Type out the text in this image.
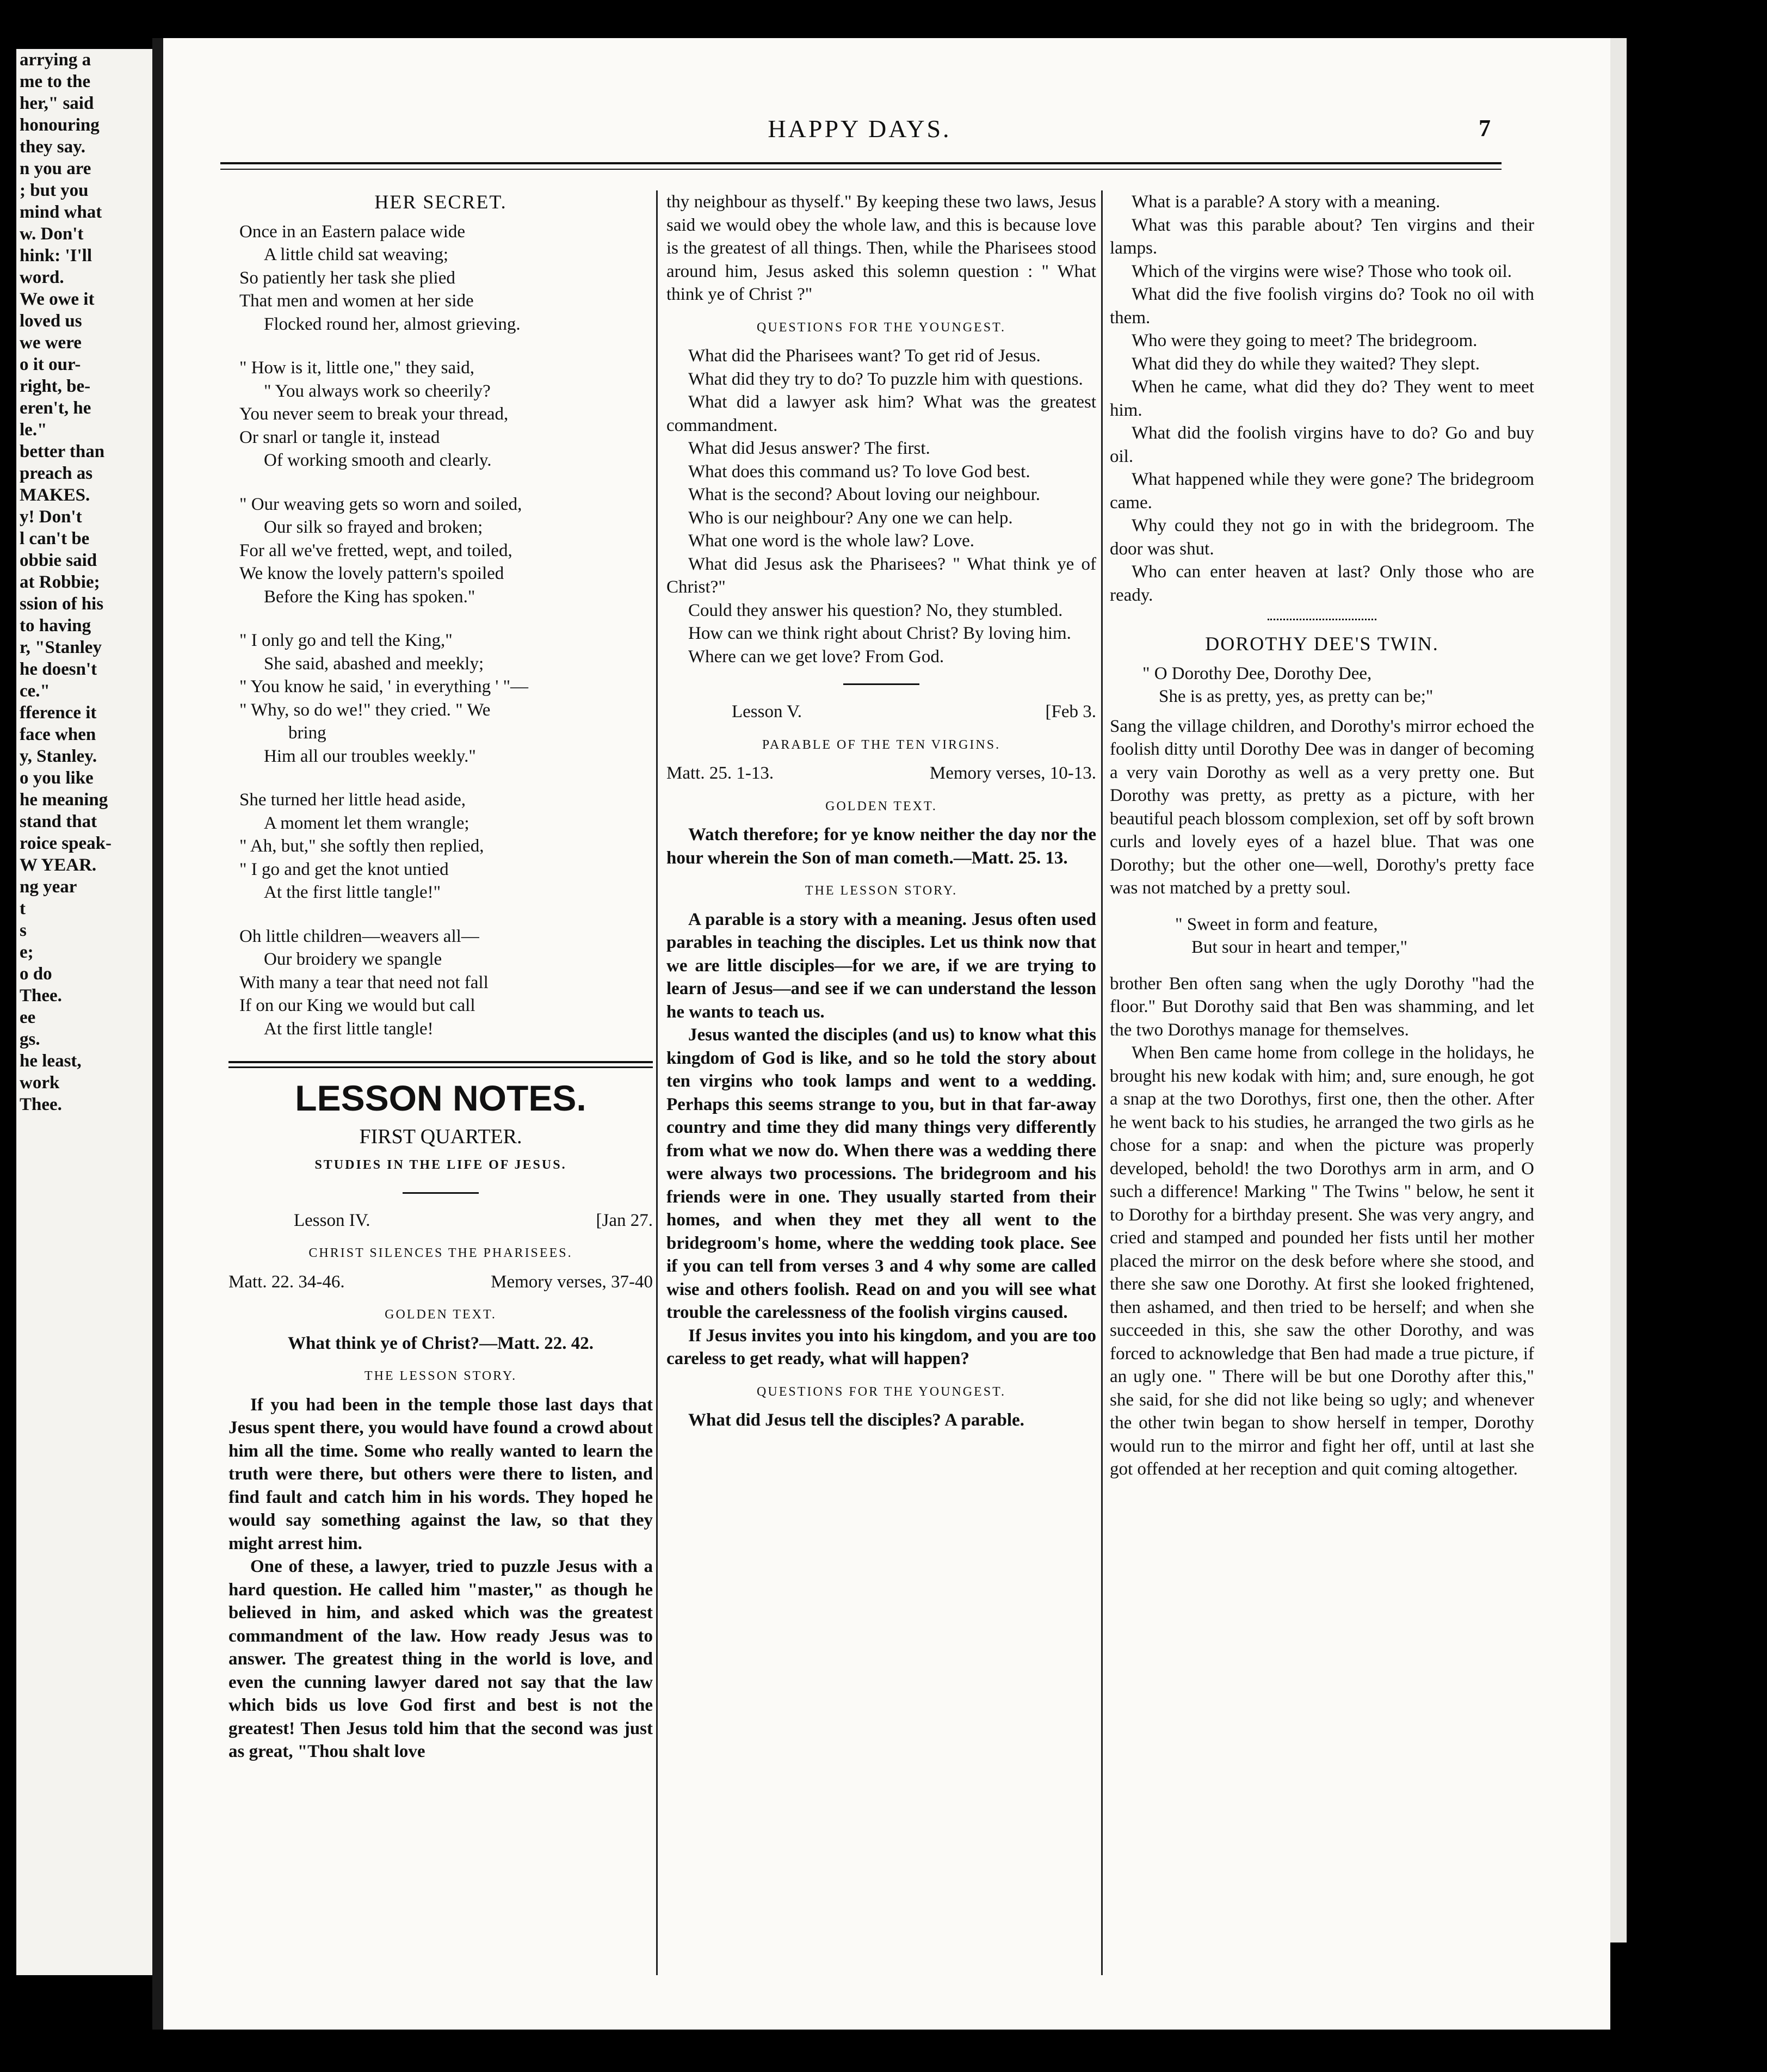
arrying a
me to the
her," said
honouring
they say.
n you are
; but you
mind what
w. Don't
hink: 'I'll
word.
We owe it
loved us
we were
o it our-
right, be-
eren't, he
le."
better than
preach as
MAKES.
y! Don't
l can't be
obbie said
at Robbie;
ssion of his
to having
r, "Stanley
he doesn't
ce."
fference it
face when
y, Stanley.
o you like
he meaning
stand that
roice speak-
W YEAR.
ng year
t
s
e;
o do
Thee.
ee
gs.
he least,
work
Thee.
HAPPY DAYS.	7
HER SECRET.
Once in an Eastern palace wide
A little child sat weaving;
So patiently her task she plied
That men and women at her side
Flocked round her, almost grieving.
" How is it, little one," they said,
" You always work so cheerily?
You never seem to break your thread,
Or snarl or tangle it, instead
Of working smooth and clearly.
" Our weaving gets so worn and soiled,
Our silk so frayed and broken;
For all we've fretted, wept, and toiled,
We know the lovely pattern's spoiled
Before the King has spoken."
" I only go and tell the King,"
She said, abashed and meekly;
" You know he said, ' in everything ' "—
" Why, so do we!" they cried. " We
bring
Him all our troubles weekly."
She turned her little head aside,
A moment let them wrangle;
" Ah, but," she softly then replied,
" I go and get the knot untied
At the first little tangle!"
Oh little children—weavers all—
Our broidery we spangle
With many a tear that need not fall
If on our King we would but call
At the first little tangle!
LESSON NOTES.
FIRST QUARTER.
STUDIES IN THE LIFE OF JESUS.
Lesson IV.	[Jan 27.
CHRIST SILENCES THE PHARISEES.
Matt. 22. 34-46.	Memory verses, 37-40
GOLDEN TEXT.
What think ye of Christ?—Matt. 22. 42.
THE LESSON STORY.

If you had been in the temple those last days that Jesus spent there, you would have found a crowd about him all the time. Some who really wanted to learn the truth were there, but others were there to listen, and find fault and catch him in his words. They hoped he would say something against the law, so that they might arrest him.

One of these, a lawyer, tried to puzzle Jesus with a hard question. He called him "master," as though he believed in him, and asked which was the greatest commandment of the law. How ready Jesus was to answer. The greatest thing in the world is love, and even the cunning lawyer dared not say that the law which bids us love God first and best is not the greatest! Then Jesus told him that the second was just as great, "Thou shalt love

thy neighbour as thyself." By keeping these two laws, Jesus said we would obey the whole law, and this is because love is the greatest of all things. Then, while the Pharisees stood around him, Jesus asked this solemn question : " What think ye of Christ ?"

QUESTIONS FOR THE YOUNGEST.

What did the Pharisees want? To get rid of Jesus.

What did they try to do? To puzzle him with questions.

What did a lawyer ask him? What was the greatest commandment.

What did Jesus answer? The first.

What does this command us? To love God best.

What is the second? About loving our neighbour.

Who is our neighbour? Any one we can help.

What one word is the whole law? Love.

What did Jesus ask the Pharisees? " What think ye of Christ?"

Could they answer his question? No, they stumbled.

How can we think right about Christ? By loving him.

Where can we get love? From God.

Lesson V.	[Feb 3.
PARABLE OF THE TEN VIRGINS.
Matt. 25. 1-13.	Memory verses, 10-13.
GOLDEN TEXT.

Watch therefore; for ye know neither the day nor the hour wherein the Son of man cometh.—Matt. 25. 13.

THE LESSON STORY.

A parable is a story with a meaning. Jesus often used parables in teaching the disciples. Let us think now that we are little disciples—for we are, if we are trying to learn of Jesus—and see if we can understand the lesson he wants to teach us.

Jesus wanted the disciples (and us) to know what this kingdom of God is like, and so he told the story about ten virgins who took lamps and went to a wedding. Perhaps this seems strange to you, but in that far-away country and time they did many things very differently from what we now do. When there was a wedding there were always two processions. The bridegroom and his friends were in one. They usually started from their homes, and when they met they all went to the bridegroom's home, where the wedding took place. See if you can tell from verses 3 and 4 why some are called wise and others foolish. Read on and you will see what trouble the carelessness of the foolish virgins caused.

If Jesus invites you into his kingdom, and you are too careless to get ready, what will happen?

QUESTIONS FOR THE YOUNGEST.

What did Jesus tell the disciples? A parable.

What is a parable? A story with a meaning.

What was this parable about? Ten virgins and their lamps.

Which of the virgins were wise? Those who took oil.

What did the five foolish virgins do? Took no oil with them.

Who were they going to meet? The bridegroom.

What did they do while they waited? They slept.

When he came, what did they do? They went to meet him.

What did the foolish virgins have to do? Go and buy oil.

What happened while they were gone? The bridegroom came.

Why could they not go in with the bridegroom. The door was shut.

Who can enter heaven at last? Only those who are ready.

DOROTHY DEE'S TWIN.
" O Dorothy Dee, Dorothy Dee,
She is as pretty, yes, as pretty can be;"

Sang the village children, and Dorothy's mirror echoed the foolish ditty until Dorothy Dee was in danger of becoming a very vain Dorothy as well as a very pretty one. But Dorothy was pretty, as pretty as a picture, with her beautiful peach blossom complexion, set off by soft brown curls and lovely eyes of a hazel blue. That was one Dorothy; but the other one—well, Dorothy's pretty face was not matched by a pretty soul.

" Sweet in form and feature,
But sour in heart and temper,"

brother Ben often sang when the ugly Dorothy "had the floor." But Dorothy said that Ben was shamming, and let the two Dorothys manage for themselves.

When Ben came home from college in the holidays, he brought his new kodak with him; and, sure enough, he got a snap at the two Dorothys, first one, then the other. After he went back to his studies, he arranged the two girls as he chose for a snap: and when the picture was properly developed, behold! the two Dorothys arm in arm, and O such a difference! Marking " The Twins " below, he sent it to Dorothy for a birthday present. She was very angry, and cried and stamped and pounded her fists until her mother placed the mirror on the desk before where she stood, and there she saw one Dorothy. At first she looked frightened, then ashamed, and then tried to be herself; and when she succeeded in this, she saw the other Dorothy, and was forced to acknowledge that Ben had made a true picture, if an ugly one. " There will be but one Dorothy after this," she said, for she did not like being so ugly; and whenever the other twin began to show herself in temper, Dorothy would run to the mirror and fight her off, until at last she got offended at her reception and quit coming altogether.
